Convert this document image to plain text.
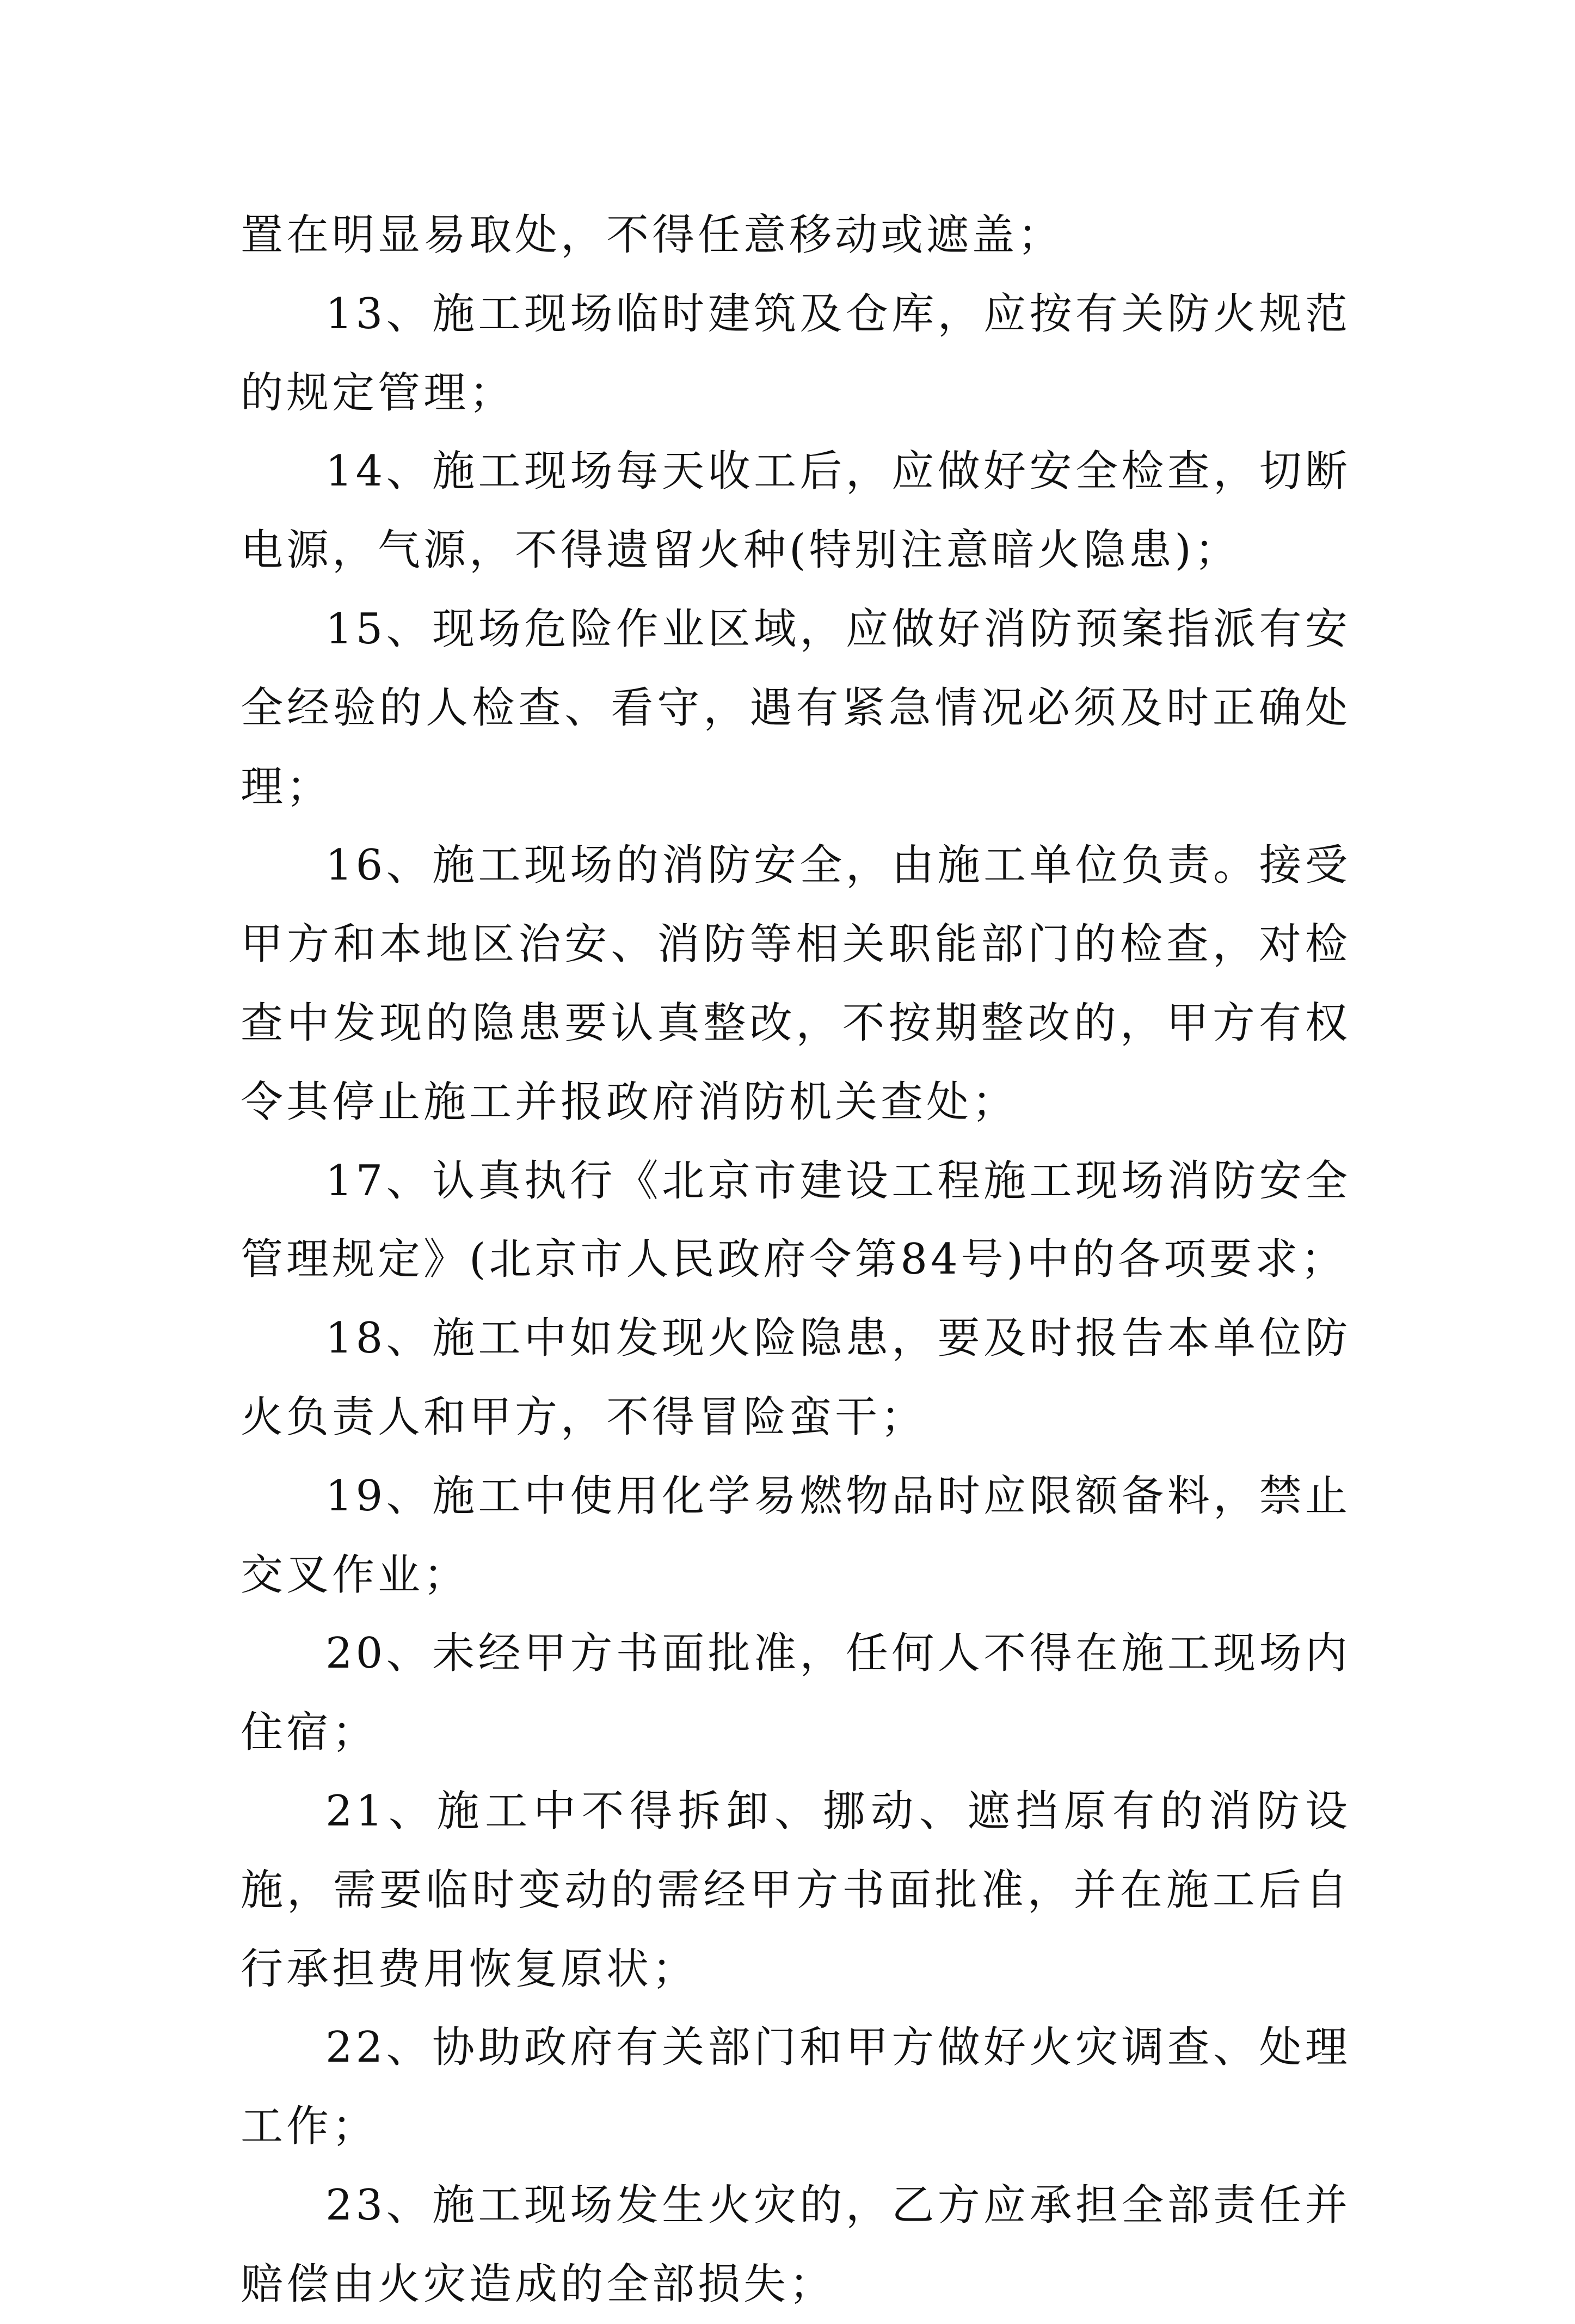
置在明显易取处，不得任意移动或遮盖；

13、施工现场临时建筑及仓库，应按有关防火规范的规定管理；

14、施工现场每天收工后，应做好安全检查，切断电源，气源，不得遗留火种(特别注意暗火隐患)；

15、现场危险作业区域，应做好消防预案指派有安全经验的人检查、看守，遇有紧急情况必须及时正确处理；

16、施工现场的消防安全，由施工单位负责。接受甲方和本地区治安、消防等相关职能部门的检查，对检查中发现的隐患要认真整改，不按期整改的，甲方有权令其停止施工并报政府消防机关查处；

17、认真执行《北京市建设工程施工现场消防安全管理规定》(北京市人民政府令第84号)中的各项要求；

18、施工中如发现火险隐患，要及时报告本单位防火负责人和甲方，不得冒险蛮干；

19、施工中使用化学易燃物品时应限额备料，禁止交叉作业；

20、未经甲方书面批准，任何人不得在施工现场内住宿；

21、施工中不得拆卸、挪动、遮挡原有的消防设施，需要临时变动的需经甲方书面批准，并在施工后自行承担费用恢复原状；

22、协助政府有关部门和甲方做好火灾调查、处理工作；

23、施工现场发生火灾的，乙方应承担全部责任并赔偿由火灾造成的全部损失；
